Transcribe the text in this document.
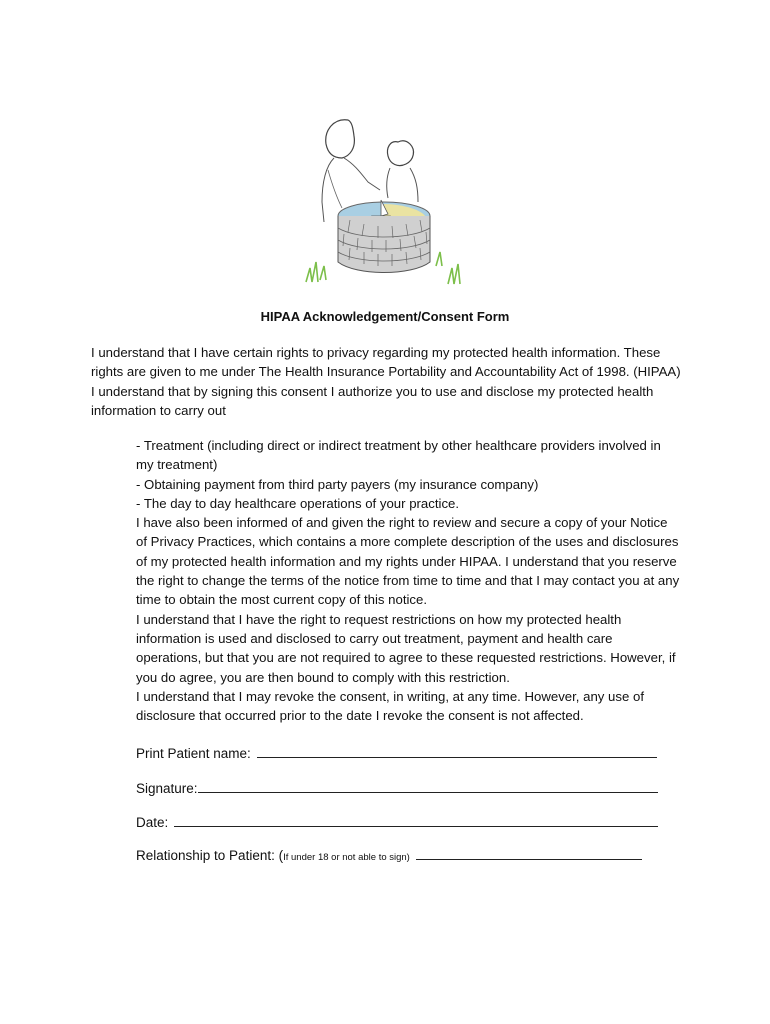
HIPAA Acknowledgement/Consent Form

I understand that I have certain rights to privacy regarding my protected health information. These rights are given to me under The Health Insurance Portability and Accountability Act of 1998. (HIPAA) I understand that by signing this consent I authorize you to use and disclose my protected health information to carry out

- Treatment (including direct or indirect treatment by other healthcare providers involved in my treatment)

- Obtaining payment from third party payers (my insurance company)

- The day to day healthcare operations of your practice.

I have also been informed of and given the right to review and secure a copy of your Notice of Privacy Practices, which contains a more complete description of the uses and disclosures of my protected health information and my rights under HIPAA. I understand that you reserve the right to change the terms of the notice from time to time and that I may contact you at any time to obtain the most current copy of this notice.

I understand that I have the right to request restrictions on how my protected health information is used and disclosed to carry out treatment, payment and health care operations, but that you are not required to agree to these requested restrictions. However, if you do agree, you are then bound to comply with this restriction.

I understand that I may revoke the consent, in writing, at any time. However, any use of disclosure that occurred prior to the date I revoke the consent is not affected.

Print Patient name:
Signature:
Date:
Relationship to Patient: (If under 18 or not able to sign)
